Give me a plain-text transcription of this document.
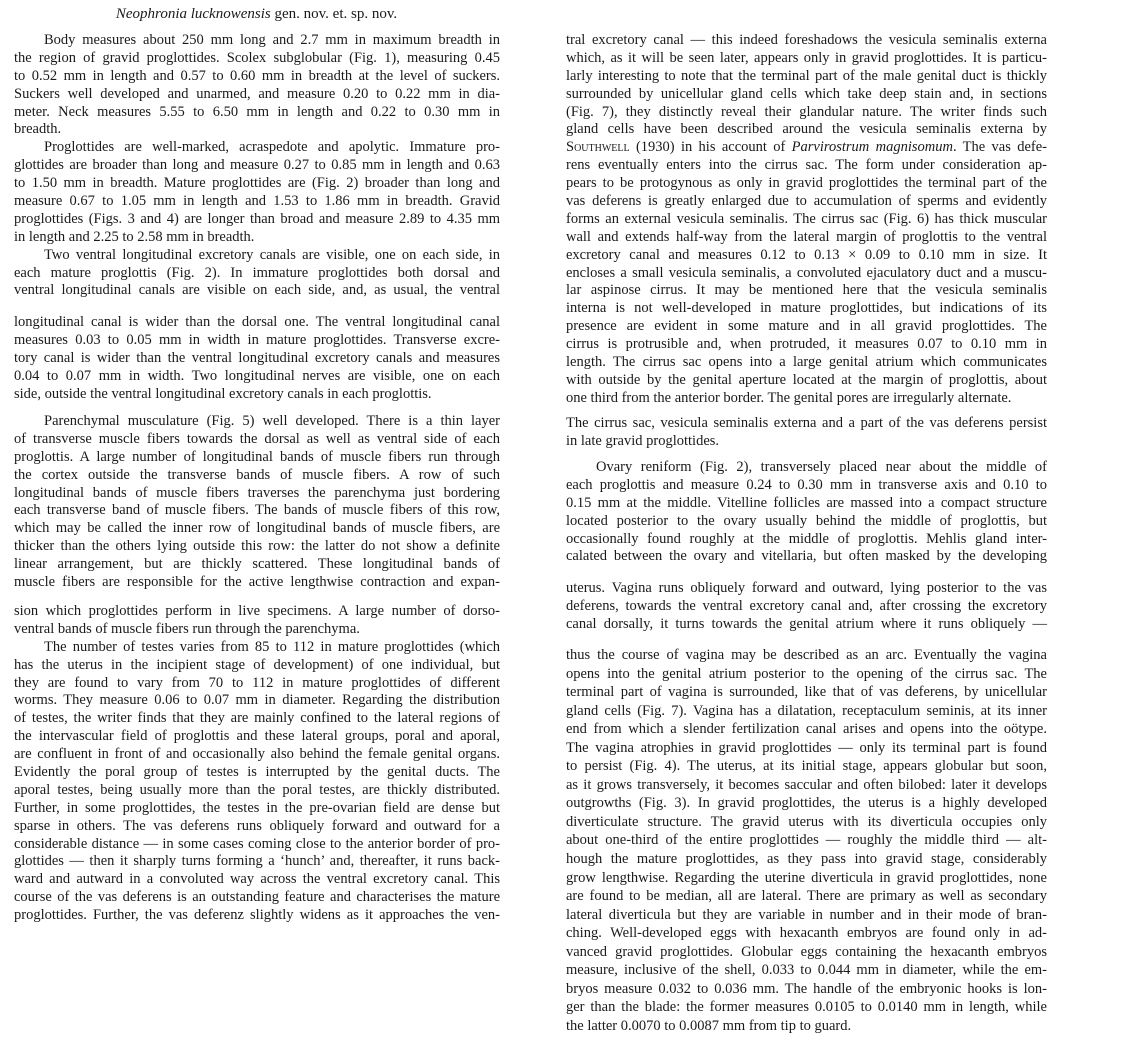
Neophronia lucknowensis gen. nov. et. sp. nov.
Body measures about 250 mm long and 2.7 mm in maximum breadth in
the region of gravid proglottides. Scolex subglobular (Fig. 1), measuring 0.45
to 0.52 mm in length and 0.57 to 0.60 mm in breadth at the level of suckers.
Suckers well developed and unarmed, and measure 0.20 to 0.22 mm in dia-
meter. Neck measures 5.55 to 6.50 mm in length and 0.22 to 0.30 mm in
breadth.
Proglottides are well-marked, acraspedote and apolytic. Immature pro-
glottides are broader than long and measure 0.27 to 0.85 mm in length and 0.63
to 1.50 mm in breadth. Mature proglottides are (Fig. 2) broader than long and
measure 0.67 to 1.05 mm in length and 1.53 to 1.86 mm in breadth. Gravid
proglottides (Figs. 3 and 4) are longer than broad and measure 2.89 to 4.35 mm
in length and 2.25 to 2.58 mm in breadth.
Two ventral longitudinal excretory canals are visible, one on each side, in
each mature proglottis (Fig. 2). In immature proglottides both dorsal and
ventral longitudinal canals are visible on each side, and, as usual, the ventral
longitudinal canal is wider than the dorsal one. The ventral longitudinal canal
measures 0.03 to 0.05 mm in width in mature proglottides. Transverse excre-
tory canal is wider than the ventral longitudinal excretory canals and measures
0.04 to 0.07 mm in width. Two longitudinal nerves are visible, one on each
side, outside the ventral longitudinal excretory canals in each proglottis.
Parenchymal musculature (Fig. 5) well developed. There is a thin layer
of transverse muscle fibers towards the dorsal as well as ventral side of each
proglottis. A large number of longitudinal bands of muscle fibers run through
the cortex outside the transverse bands of muscle fibers. A row of such
longitudinal bands of muscle fibers traverses the parenchyma just bordering
each transverse band of muscle fibers. The bands of muscle fibers of this row,
which may be called the inner row of longitudinal bands of muscle fibers, are
thicker than the others lying outside this row: the latter do not show a definite
linear arrangement, but are thickly scattered. These longitudinal bands of
muscle fibers are responsible for the active lengthwise contraction and expan-
sion which proglottides perform in live specimens. A large number of dorso-
ventral bands of muscle fibers run through the parenchyma.
The number of testes varies from 85 to 112 in mature proglottides (which
has the uterus in the incipient stage of development) of one individual, but
they are found to vary from 70 to 112 in mature proglottides of different
worms. They measure 0.06 to 0.07 mm in diameter. Regarding the distribution
of testes, the writer finds that they are mainly confined to the lateral regions of
the intervascular field of proglottis and these lateral groups, poral and aporal,
are confluent in front of and occasionally also behind the female genital organs.
Evidently the poral group of testes is interrupted by the genital ducts. The
aporal testes, being usually more than the poral testes, are thickly distributed.
Further, in some proglottides, the testes in the pre-ovarian field are dense but
sparse in others. The vas deferens runs obliquely forward and outward for a
considerable distance — in some cases coming close to the anterior border of pro-
glottides — then it sharply turns forming a ‘hunch’ and, thereafter, it runs back-
ward and autward in a convoluted way across the ventral excretory canal. This
course of the vas deferens is an outstanding feature and characterises the mature
proglottides. Further, the vas deferenz slightly widens as it approaches the ven-
tral excretory canal — this indeed foreshadows the vesicula seminalis externa
which, as it will be seen later, appears only in gravid proglottides. It is particu-
larly interesting to note that the terminal part of the male genital duct is thickly
surrounded by unicellular gland cells which take deep stain and, in sections
(Fig. 7), they distinctly reveal their glandular nature. The writer finds such
gland cells have been described around the vesicula seminalis externa by
Southwell (1930) in his account of Parvirostrum magnisomum. The vas defe-
rens eventually enters into the cirrus sac. The form under consideration ap-
pears to be protogynous as only in gravid proglottides the terminal part of the
vas deferens is greatly enlarged due to accumulation of sperms and evidently
forms an external vesicula seminalis. The cirrus sac (Fig. 6) has thick muscular
wall and extends half-way from the lateral margin of proglottis to the ventral
excretory canal and measures 0.12 to 0.13 × 0.09 to 0.10 mm in size. It
encloses a small vesicula seminalis, a convoluted ejaculatory duct and a muscu-
lar aspinose cirrus. It may be mentioned here that the vesicula seminalis
interna is not well-developed in mature proglottides, but indications of its
presence are evident in some mature and in all gravid proglottides. The
cirrus is protrusible and, when protruded, it measures 0.07 to 0.10 mm in
length. The cirrus sac opens into a large genital atrium which communicates
with outside by the genital aperture located at the margin of proglottis, about
one third from the anterior border. The genital pores are irregularly alternate.
The cirrus sac, vesicula seminalis externa and a part of the vas deferens persist
in late gravid proglottides.
Ovary reniform (Fig. 2), transversely placed near about the middle of
each proglottis and measure 0.24 to 0.30 mm in transverse axis and 0.10 to
0.15 mm at the middle. Vitelline follicles are massed into a compact structure
located posterior to the ovary usually behind the middle of proglottis, but
occasionally found roughly at the middle of proglottis. Mehlis gland inter-
calated between the ovary and vitellaria, but often masked by the developing
uterus. Vagina runs obliquely forward and outward, lying posterior to the vas
deferens, towards the ventral excretory canal and, after crossing the excretory
canal dorsally, it turns towards the genital atrium where it runs obliquely —
thus the course of vagina may be described as an arc. Eventually the vagina
opens into the genital atrium posterior to the opening of the cirrus sac. The
terminal part of vagina is surrounded, like that of vas deferens, by unicellular
gland cells (Fig. 7). Vagina has a dilatation, receptaculum seminis, at its inner
end from which a slender fertilization canal arises and opens into the oötype.
The vagina atrophies in gravid proglottides — only its terminal part is found
to persist (Fig. 4). The uterus, at its initial stage, appears globular but soon,
as it grows transversely, it becomes saccular and often bilobed: later it develops
outgrowths (Fig. 3). In gravid proglottides, the uterus is a highly developed
diverticulate structure. The gravid uterus with its diverticula occupies only
about one-third of the entire proglottides — roughly the middle third — alt-
hough the mature proglottides, as they pass into gravid stage, considerably
grow lengthwise. Regarding the uterine diverticula in gravid proglottides, none
are found to be median, all are lateral. There are primary as well as secondary
lateral diverticula but they are variable in number and in their mode of bran-
ching. Well-developed eggs with hexacanth embryos are found only in ad-
vanced gravid proglottides. Globular eggs containing the hexacanth embryos
measure, inclusive of the shell, 0.033 to 0.044 mm in diameter, while the em-
bryos measure 0.032 to 0.036 mm. The handle of the embryonic hooks is lon-
ger than the blade: the former measures 0.0105 to 0.0140 mm in length, while
the latter 0.0070 to 0.0087 mm from tip to guard.
